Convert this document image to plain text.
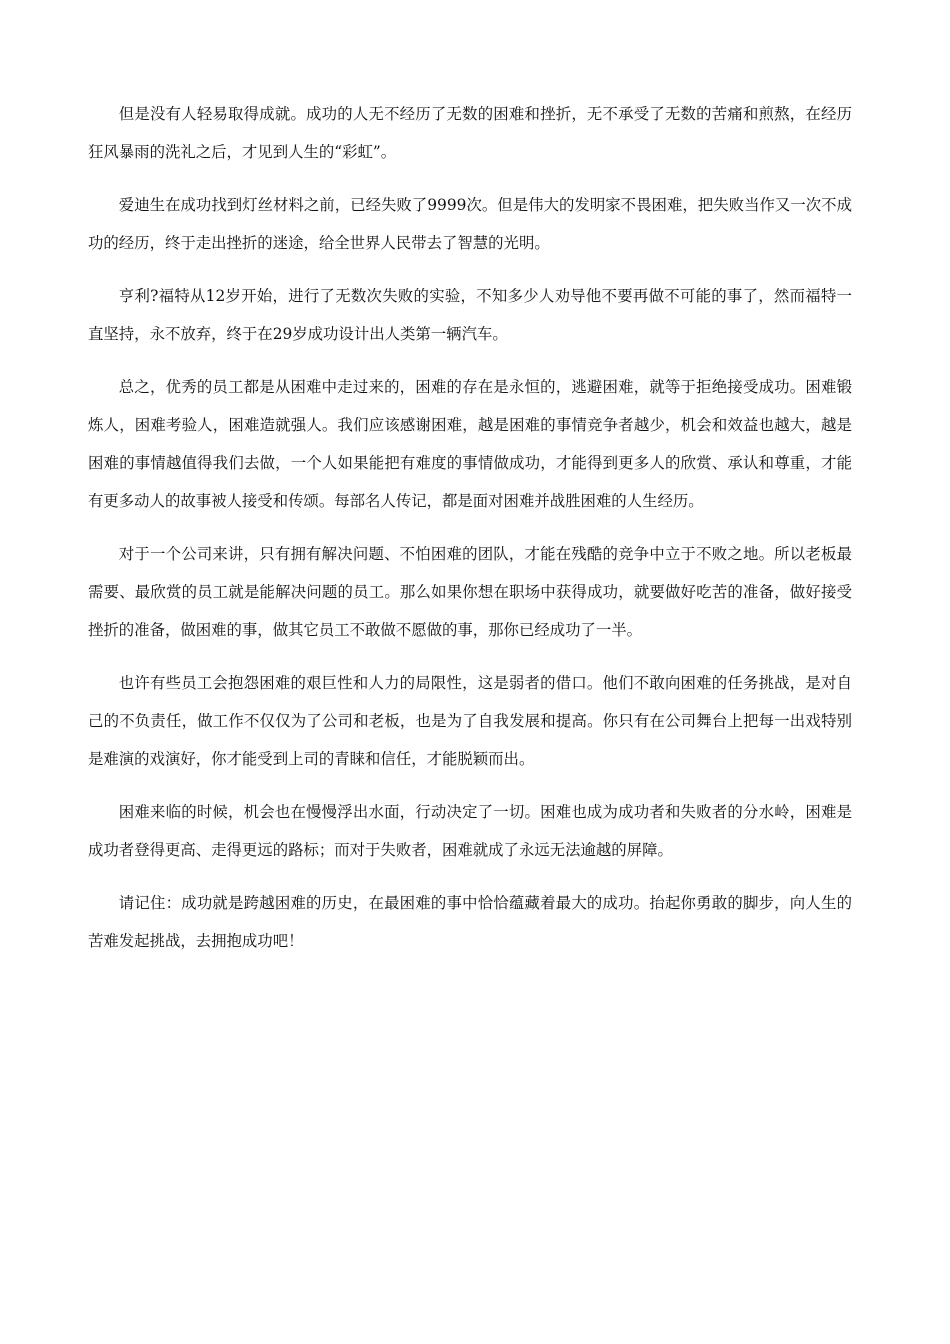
但是没有人轻易取得成就。成功的人无不经历了无数的困难和挫折，无不承受了无数的苦痛和煎熬，在经历狂风暴雨的洗礼之后，才见到人生的“彩虹”。

爱迪生在成功找到灯丝材料之前，已经失败了9999次。但是伟大的发明家不畏困难，把失败当作又一次不成功的经历，终于走出挫折的迷途，给全世界人民带去了智慧的光明。

亨利?福特从12岁开始，进行了无数次失败的实验，不知多少人劝导他不要再做不可能的事了，然而福特一直坚持，永不放弃，终于在29岁成功设计出人类第一辆汽车。

总之，优秀的员工都是从困难中走过来的，困难的存在是永恒的，逃避困难，就等于拒绝接受成功。困难锻炼人，困难考验人，困难造就强人。我们应该感谢困难，越是困难的事情竞争者越少，机会和效益也越大，越是困难的事情越值得我们去做，一个人如果能把有难度的事情做成功，才能得到更多人的欣赏、承认和尊重，才能有更多动人的故事被人接受和传颂。每部名人传记，都是面对困难并战胜困难的人生经历。

对于一个公司来讲，只有拥有解决问题、不怕困难的团队，才能在残酷的竞争中立于不败之地。所以老板最需要、最欣赏的员工就是能解决问题的员工。那么如果你想在职场中获得成功，就要做好吃苦的准备，做好接受挫折的准备，做困难的事，做其它员工不敢做不愿做的事，那你已经成功了一半。

也许有些员工会抱怨困难的艰巨性和人力的局限性，这是弱者的借口。他们不敢向困难的任务挑战，是对自己的不负责任，做工作不仅仅为了公司和老板，也是为了自我发展和提高。你只有在公司舞台上把每一出戏特别是难演的戏演好，你才能受到上司的青睐和信任，才能脱颖而出。

困难来临的时候，机会也在慢慢浮出水面，行动决定了一切。困难也成为成功者和失败者的分水岭，困难是成功者登得更高、走得更远的路标；而对于失败者，困难就成了永远无法逾越的屏障。

请记住：成功就是跨越困难的历史，在最困难的事中恰恰蕴藏着最大的成功。抬起你勇敢的脚步，向人生的苦难发起挑战，去拥抱成功吧！
